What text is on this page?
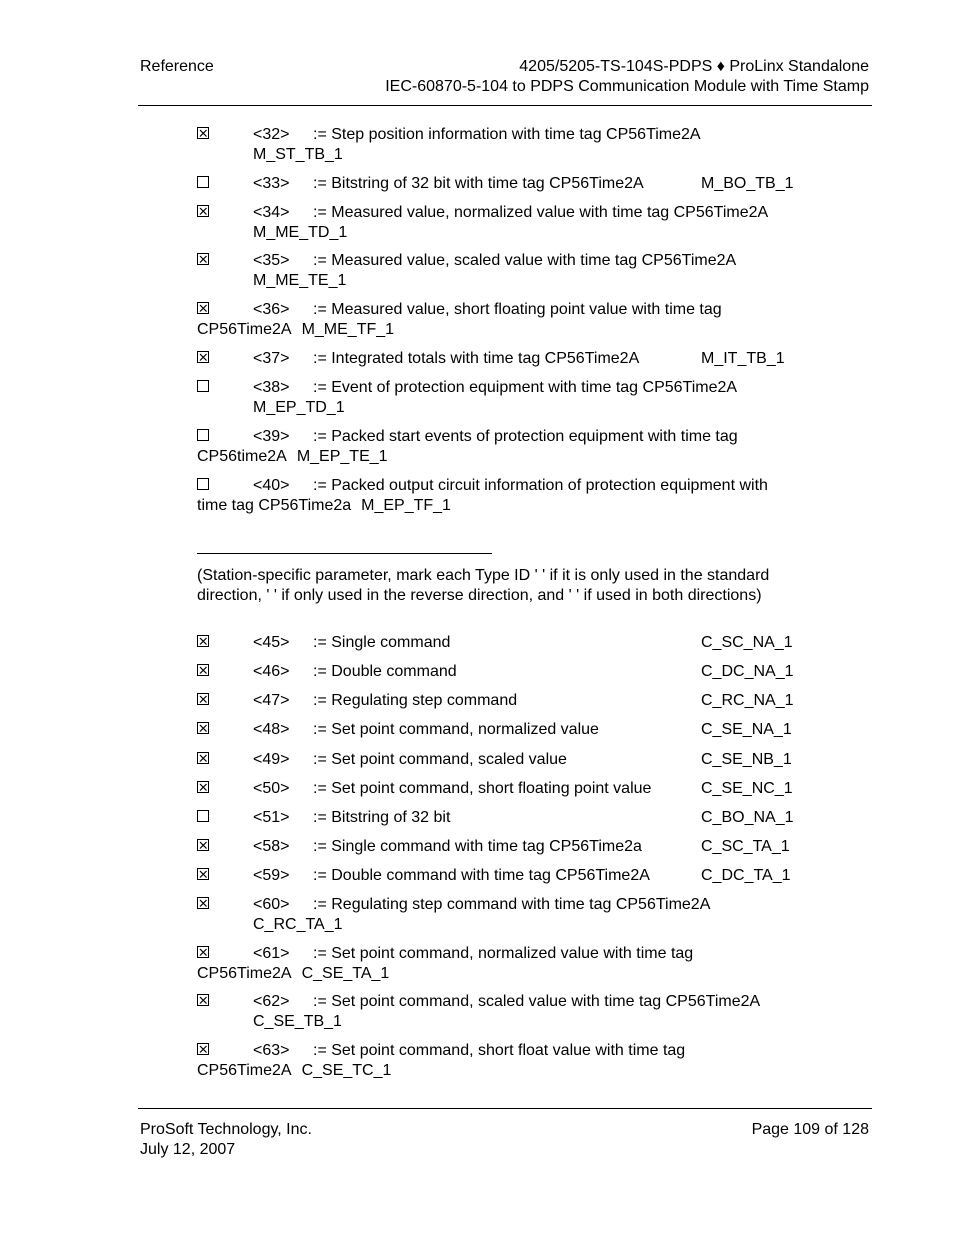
Reference	4205/5205-TS-104S-PDPS ♦ ProLinx Standalone
IEC-60870-5-104 to PDPS Communication Module with Time Stamp
<32> := Step position information with time tag CP56Time2A
M_ST_TB_1
<33> := Bitstring of 32 bit with time tag CP56Time2A	M_BO_TB_1
<34> := Measured value, normalized value with time tag CP56Time2A
M_ME_TD_1
<35> := Measured value, scaled value with time tag CP56Time2A
M_ME_TE_1
<36> := Measured value, short floating point value with time tag
CP56Time2A M_ME_TF_1
<37> := Integrated totals with time tag CP56Time2A	M_IT_TB_1
<38> := Event of protection equipment with time tag CP56Time2A
M_EP_TD_1
<39> := Packed start events of protection equipment with time tag
CP56time2A M_EP_TE_1
<40> := Packed output circuit information of protection equipment with
time tag CP56Time2a M_EP_TF_1
(Station-specific parameter, mark each Type ID ' ' if it is only used in the standard direction, ' ' if only used in the reverse direction, and ' ' if used in both directions)
<45> := Single command	C_SC_NA_1
<46> := Double command	C_DC_NA_1
<47> := Regulating step command	C_RC_NA_1
<48> := Set point command, normalized value	C_SE_NA_1
<49> := Set point command, scaled value	C_SE_NB_1
<50> := Set point command, short floating point value	C_SE_NC_1
<51> := Bitstring of 32 bit	C_BO_NA_1
<58> := Single command with time tag CP56Time2a	C_SC_TA_1
<59> := Double command with time tag CP56Time2A	C_DC_TA_1
<60> := Regulating step command with time tag CP56Time2A
C_RC_TA_1
<61> := Set point command, normalized value with time tag
CP56Time2A C_SE_TA_1
<62> := Set point command, scaled value with time tag CP56Time2A
C_SE_TB_1
<63> := Set point command, short float value with time tag
CP56Time2A C_SE_TC_1
ProSoft Technology, Inc.
July 12, 2007
Page 109 of 128
